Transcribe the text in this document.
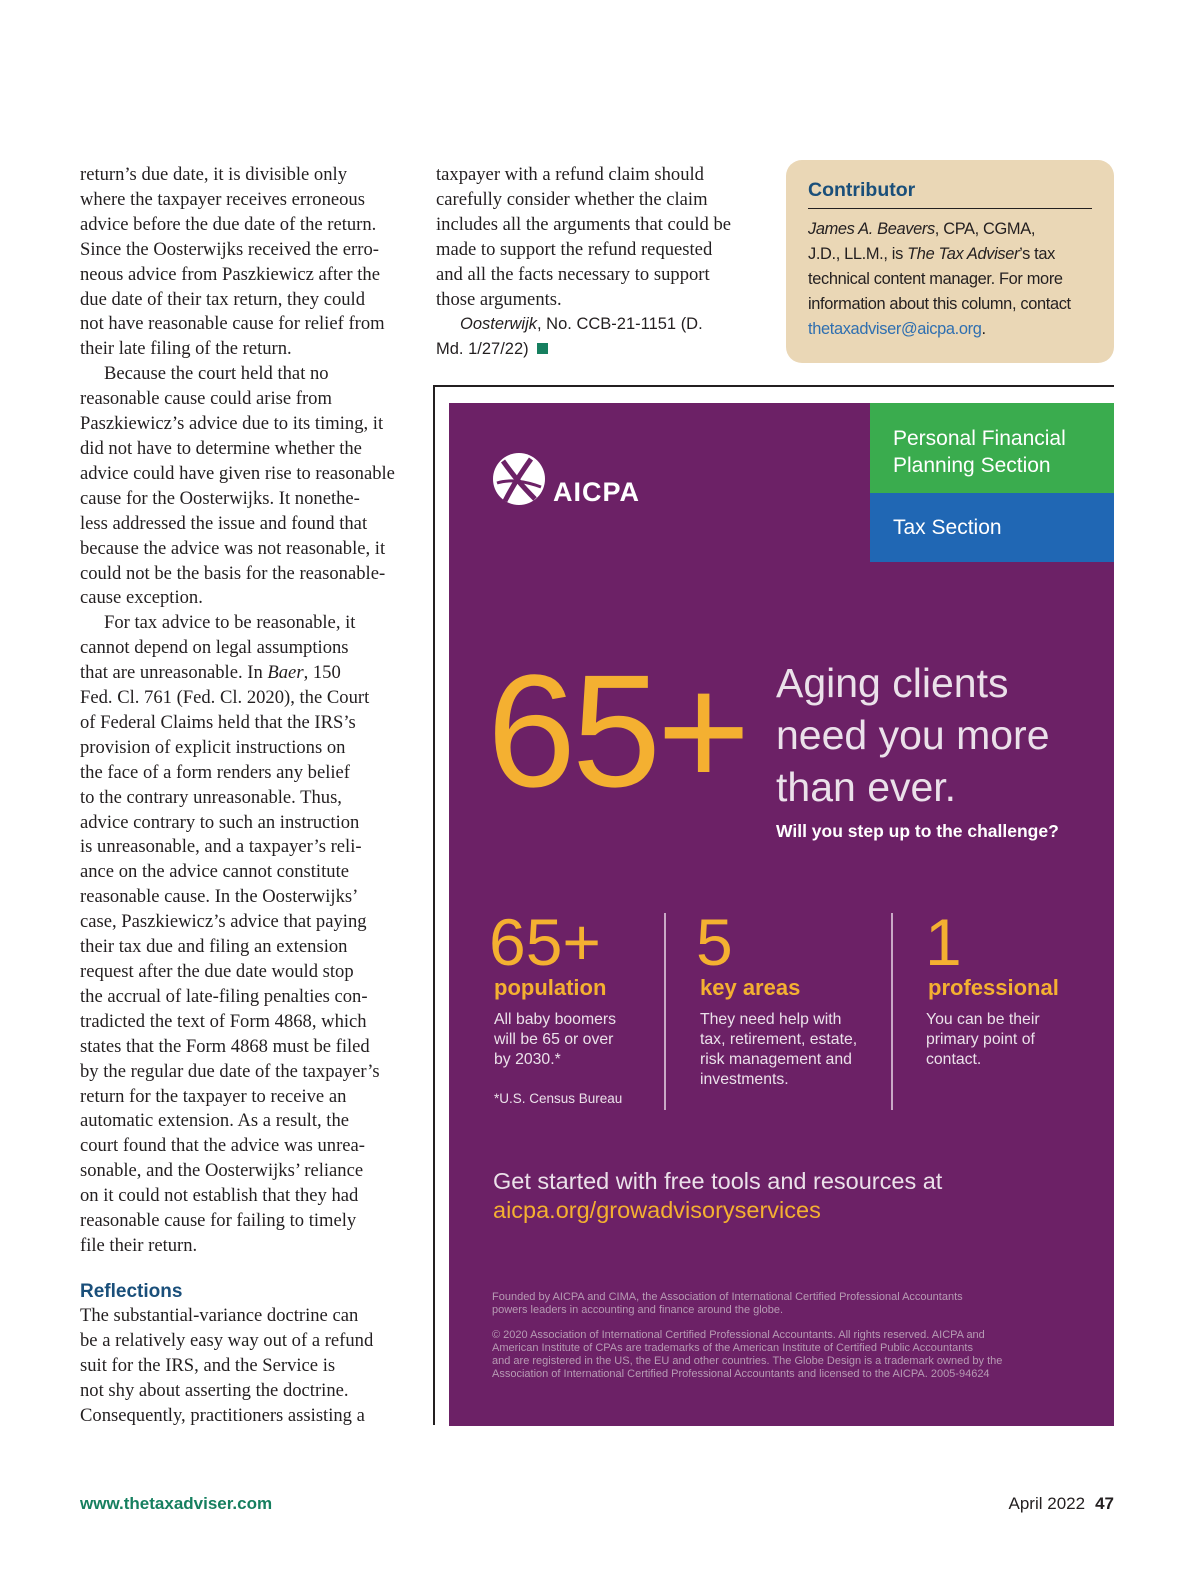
return’s due date, it is divisible only
where the taxpayer receives erroneous
advice before the due date of the return.
Since the Oosterwijks received the erro-
neous advice from Paszkiewicz after the
due date of their tax return, they could
not have reasonable cause for relief from
their late filing of the return.
Because the court held that no
reasonable cause could arise from
Paszkiewicz’s advice due to its timing, it
did not have to determine whether the
advice could have given rise to reasonable
cause for the Oosterwijks. It nonethe-
less addressed the issue and found that
because the advice was not reasonable, it
could not be the basis for the reasonable-
cause exception.
For tax advice to be reasonable, it
cannot depend on legal assumptions
that are unreasonable. In Baer, 150
Fed. Cl. 761 (Fed. Cl. 2020), the Court
of Federal Claims held that the IRS’s
provision of explicit instructions on
the face of a form renders any belief
to the contrary unreasonable. Thus,
advice contrary to such an instruction
is unreasonable, and a taxpayer’s reli-
ance on the advice cannot constitute
reasonable cause. In the Oosterwijks’
case, Paszkiewicz’s advice that paying
their tax due and filing an extension
request after the due date would stop
the accrual of late-filing penalties con-
tradicted the text of Form 4868, which
states that the Form 4868 must be filed
by the regular due date of the taxpayer’s
return for the taxpayer to receive an
automatic extension. As a result, the
court found that the advice was unrea-
sonable, and the Oosterwijks’ reliance
on it could not establish that they had
reasonable cause for failing to timely
file their return.
Reflections
The substantial-variance doctrine can
be a relatively easy way out of a refund
suit for the IRS, and the Service is
not shy about asserting the doctrine.
Consequently, practitioners assisting a
taxpayer with a refund claim should
carefully consider whether the claim
includes all the arguments that could be
made to support the refund requested
and all the facts necessary to support
those arguments.
Oosterwijk, No. CCB-21-1151 (D.
Md. 1/27/22)
Contributor
James A. Beavers, CPA, CGMA,
J.D., LL.M., is The Tax Adviser’s tax
technical content manager. For more
information about this column, contact
thetaxadviser@aicpa.org.
AICPA
Personal Financial
Planning Section
Tax Section
65+ Aging clients
need you more
than ever.
Will you step up to the challenge?
65+
population
All baby boomers
will be 65 or over
by 2030.*
*U.S. Census Bureau
5
key areas
They need help with
tax, retirement, estate,
risk management and
investments.
1
professional
You can be their
primary point of
contact.
Get started with free tools and resources at
aicpa.org/growadvisoryservices
Founded by AICPA and CIMA, the Association of International Certified Professional Accountants
powers leaders in accounting and finance around the globe.
© 2020 Association of International Certified Professional Accountants. All rights reserved. AICPA and
American Institute of CPAs are trademarks of the American Institute of Certified Public Accountants
and are registered in the US, the EU and other countries. The Globe Design is a trademark owned by the
Association of International Certified Professional Accountants and licensed to the AICPA. 2005-94624
www.thetaxadviser.com	April 2022 47
